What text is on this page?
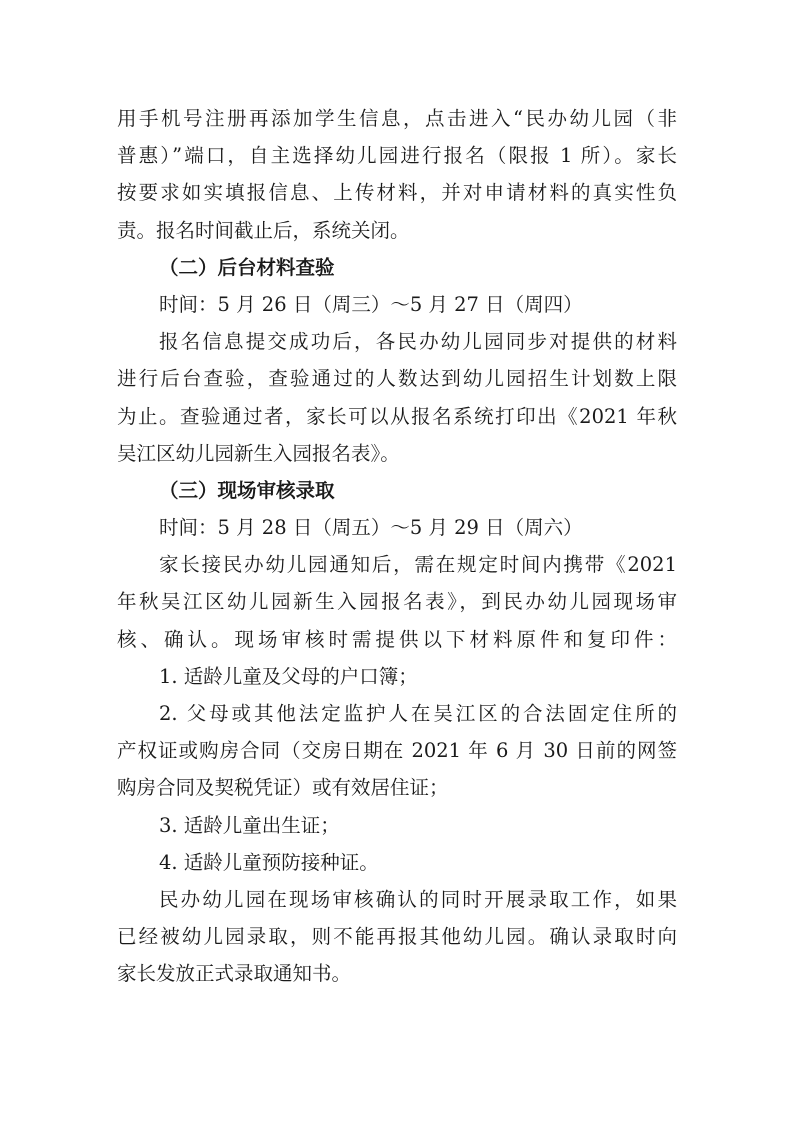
用手机号注册再添加学生信息，点击进入“民办幼儿园（非
普惠）”端口，自主选择幼儿园进行报名（限报 1 所）。家长
按要求如实填报信息、上传材料，并对申请材料的真实性负
责。报名时间截止后，系统关闭。
（二）后台材料查验
时间：5 月 26 日（周三）～5 月 27 日（周四）
报名信息提交成功后，各民办幼儿园同步对提供的材料
进行后台查验，查验通过的人数达到幼儿园招生计划数上限
为止。查验通过者，家长可以从报名系统打印出《2021 年秋
吴江区幼儿园新生入园报名表》。
（三）现场审核录取
时间：5 月 28 日（周五）～5 月 29 日（周六）
家长接民办幼儿园通知后，需在规定时间内携带《2021
年秋吴江区幼儿园新生入园报名表》，到民办幼儿园现场审
核、确认。现场审核时需提供以下材料原件和复印件：
1. 适龄儿童及父母的户口簿；
2. 父母或其他法定监护人在吴江区的合法固定住所的
产权证或购房合同（交房日期在 2021 年 6 月 30 日前的网签
购房合同及契税凭证）或有效居住证；
3. 适龄儿童出生证；
4. 适龄儿童预防接种证。
民办幼儿园在现场审核确认的同时开展录取工作，如果
已经被幼儿园录取，则不能再报其他幼儿园。确认录取时向
家长发放正式录取通知书。
